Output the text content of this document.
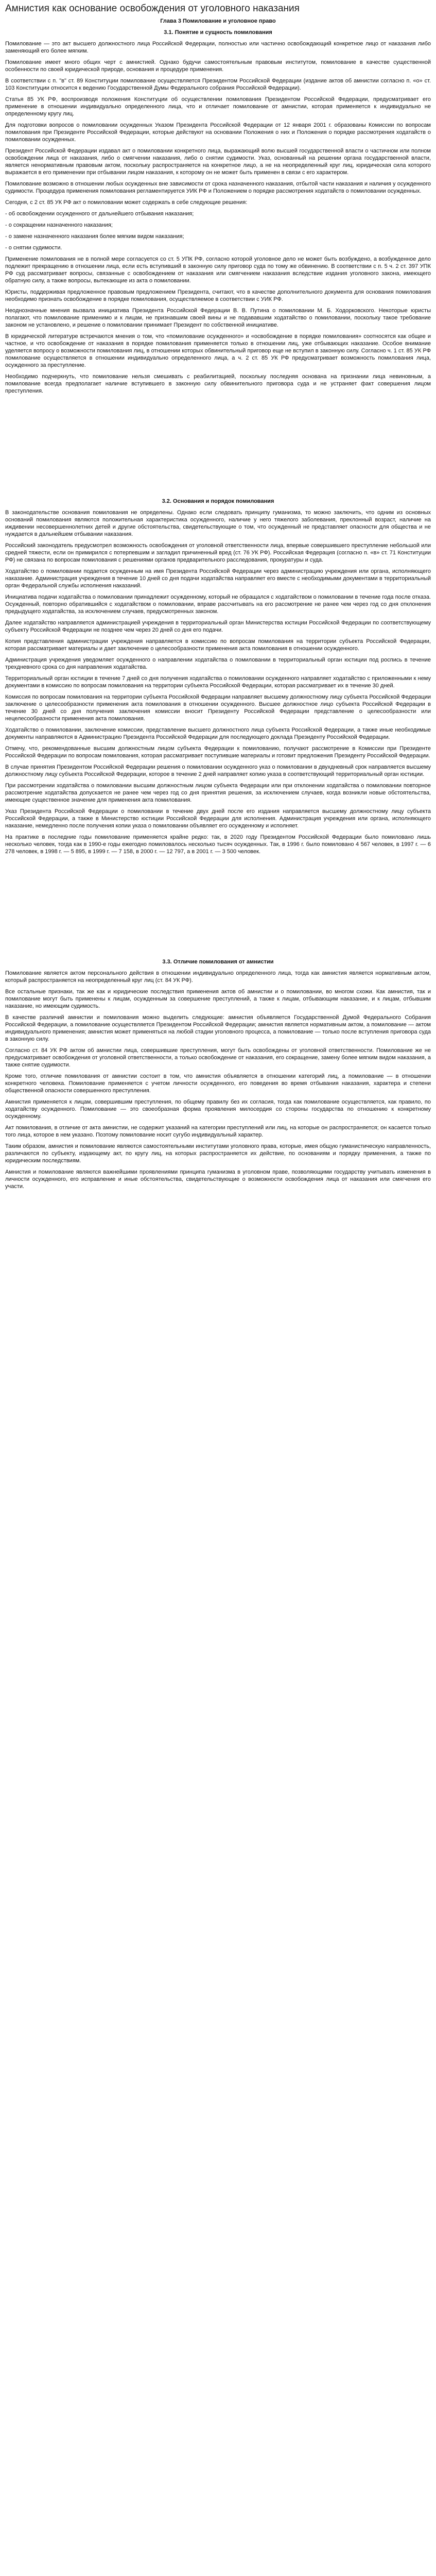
Амнистия как основание освобождения от уголовного наказания
Глава 3 Помилование и уголовное право
3.1. Понятие и сущность помилования

Помилование — это акт высшего должностного лица Российской Федерации, полностью или частично освобождающий конкретное лицо от наказания либо заменяющий его более мягким.

Помилование имеет много общих черт с амнистией. Однако будучи самостоятельным правовым институтом, помилование в качестве существенной особенности по своей юридической природе, основания и процедуре применения.

В соответствии с п. "в" ст. 89 Конституции помилование осуществляется Президентом Российской Федерации (издание актов об амнистии согласно п. «о» ст. 103 Конституции относится к ведению Государственной Думы Федерального собрания Российской Федерации).

Статья 85 УК РФ, воспроизводя положения Конституции об осуществлении помилования Президентом Российской Федерации, предусматривает его применение в отношении индивидуально определенного лица, что и отличает помилование от амнистии, которая применяется к индивидуально не определенному кругу лиц.

Для подготовки вопросов о помиловании осужденных Указом Президента Российской Федерации от 12 января 2001 г. образованы Комиссии по вопросам помилования при Президенте Российской Федерации, которые действуют на основании Положения о них и Положения о порядке рассмотрения ходатайств о помиловании осужденных.

Президент Российской Федерации издавал акт о помиловании конкретного лица, выражающий волю высшей государственной власти о частичном или полном освобождении лица от наказания, либо о смягчении наказания, либо о снятии судимости. Указ, основанный на решении органа государственной власти, является ненормативным правовым актом, поскольку распространяется на конкретное лицо, а не на неопределенный круг лиц, юридическая сила которого выражается в его применении при отбывании лицом наказания, к которому он не может быть применен в связи с его характером.

Помилование возможно в отношении любых осужденных вне зависимости от срока назначенного наказания, отбытой части наказания и наличия у осужденного судимости. Процедура применения помилования регламентируется УИК РФ и Положением о порядке рассмотрения ходатайств о помиловании осужденных.

Сегодня, с 2 ст. 85 УК РФ акт о помиловании может содержать в себе следующие решения:

- об освобождении осужденного от дальнейшего отбывания наказания;
- о сокращении назначенного наказания;
- о замене назначенного наказания более мягким видом наказания;
- о снятии судимости.

Применение помилования не в полной мере согласуется со ст. 5 УПК РФ, согласно которой уголовное дело не может быть возбуждено, а возбужденное дело подлежит прекращению в отношении лица, если есть вступивший в законную силу приговор суда по тому же обвинению. В соответствии с п. 5 ч. 2 ст. 397 УПК РФ суд рассматривает вопросы, связанные с освобождением от наказания или смягчением наказания вследствие издания уголовного закона, имеющего обратную силу, а также вопросы, вытекающие из акта о помиловании.

Юристы, поддерживая предложенное правовым предложением Президента, считают, что в качестве дополнительного документа для основания помилования необходимо признать освобождение в порядке помилования, осуществляемое в соответствии с УИК РФ.

Неоднозначные мнения вызвала инициатива Президента Российской Федерации В. В. Путина о помиловании М. Б. Ходорковского. Некоторые юристы полагают, что помилование применимо и к лицам, не признавшим своей вины и не подававшим ходатайство о помиловании, поскольку такое требование законом не установлено, и решение о помиловании принимает Президент по собственной инициативе.

В юридической литературе встречаются мнения о том, что «помилование осужденного» и «освобождение в порядке помилования» соотносятся как общее и частное, и что освобождение от наказания в порядке помилования применяется только в отношении лиц, уже отбывающих наказание. Особое внимание уделяется вопросу о возможности помилования лиц, в отношении которых обвинительный приговор еще не вступил в законную силу. Согласно ч. 1 ст. 85 УК РФ помилование осуществляется в отношении индивидуально определенного лица, а ч. 2 ст. 85 УК РФ предусматривает возможность помилования лица, осужденного за преступление.

Необходимо подчеркнуть, что помилование нельзя смешивать с реабилитацией, поскольку последняя основана на признании лица невиновным, а помилование всегда предполагает наличие вступившего в законную силу обвинительного приговора суда и не устраняет факт совершения лицом преступления.

3.2. Основания и порядок помилования

В законодательстве основания помилования не определены. Однако если следовать принципу гуманизма, то можно заключить, что одним из основных оснований помилования являются положительная характеристика осужденного, наличие у него тяжелого заболевания, преклонный возраст, наличие на иждивении несовершеннолетних детей и другие обстоятельства, свидетельствующие о том, что осужденный не представляет опасности для общества и не нуждается в дальнейшем отбывании наказания.

Российский законодатель предусмотрел возможность освобождения от уголовной ответственности лица, впервые совершившего преступление небольшой или средней тяжести, если он примирился с потерпевшим и загладил причиненный вред (ст. 76 УК РФ). Российская Федерация (согласно п. «в» ст. 71 Конституции РФ) не связана по вопросам помилования с решениями органов предварительного расследования, прокуратуры и суда.

Ходатайство о помиловании подается осужденным на имя Президента Российской Федерации через администрацию учреждения или органа, исполняющего наказание. Администрация учреждения в течение 10 дней со дня подачи ходатайства направляет его вместе с необходимыми документами в территориальный орган Федеральной службы исполнения наказаний.

Инициатива подачи ходатайства о помиловании принадлежит осужденному, который не обращался с ходатайством о помиловании в течение года после отказа. Осужденный, повторно обратившийся с ходатайством о помиловании, вправе рассчитывать на его рассмотрение не ранее чем через год со дня отклонения предыдущего ходатайства, за исключением случаев, предусмотренных законом.

Далее ходатайство направляется администрацией учреждения в территориальный орган Министерства юстиции Российской Федерации по соответствующему субъекту Российской Федерации не позднее чем через 20 дней со дня его подачи.

Копия представления администрации учреждения направляется в комиссию по вопросам помилования на территории субъекта Российской Федерации, которая рассматривает материалы и дает заключение о целесообразности применения акта помилования в отношении осужденного.

Администрация учреждения уведомляет осужденного о направлении ходатайства о помиловании в территориальный орган юстиции под роспись в течение трехдневного срока со дня направления ходатайства.

Территориальный орган юстиции в течение 7 дней со дня получения ходатайства о помиловании осужденного направляет ходатайство с приложенными к нему документами в комиссию по вопросам помилования на территории субъекта Российской Федерации, которая рассматривает их в течение 30 дней.

Комиссия по вопросам помилования на территории субъекта Российской Федерации направляет высшему должностному лицу субъекта Российской Федерации заключение о целесообразности применения акта помилования в отношении осужденного. Высшее должностное лицо субъекта Российской Федерации в течение 30 дней со дня получения заключения комиссии вносит Президенту Российской Федерации представление о целесообразности или нецелесообразности применения акта помилования.

Ходатайство о помиловании, заключение комиссии, представление высшего должностного лица субъекта Российской Федерации, а также иные необходимые документы направляются в Администрацию Президента Российской Федерации для последующего доклада Президенту Российской Федерации.

Отмечу, что, рекомендованные высшим должностным лицом субъекта Федерации к помилованию, получают рассмотрение в Комиссии при Президенте Российской Федерации по вопросам помилования, которая рассматривает поступившие материалы и готовит предложения Президенту Российской Федерации.

В случае принятия Президентом Российской Федерации решения о помиловании осужденного указ о помиловании в двухдневный срок направляется высшему должностному лицу субъекта Российской Федерации, которое в течение 2 дней направляет копию указа в соответствующий территориальный орган юстиции.

При рассмотрении ходатайства о помиловании высшим должностным лицом субъекта Федерации или при отклонении ходатайства о помиловании повторное рассмотрение ходатайства допускается не ранее чем через год со дня принятия решения, за исключением случаев, когда возникли новые обстоятельства, имеющие существенное значение для применения акта помилования.

Указ Президента Российской Федерации о помиловании в течение двух дней после его издания направляется высшему должностному лицу субъекта Российской Федерации, а также в Министерство юстиции Российской Федерации для исполнения. Администрация учреждения или органа, исполняющего наказание, немедленно после получения копии указа о помиловании объявляет его осужденному и исполняет.

На практике в последние годы помилование применяется крайне редко: так, в 2020 году Президентом Российской Федерации было помиловано лишь несколько человек, тогда как в 1990-е годы ежегодно помиловалось несколько тысяч осужденных. Так, в 1996 г. было помиловано 4 567 человек, в 1997 г. — 6 278 человек, в 1998 г. — 5 895, в 1999 г. — 7 158, в 2000 г. — 12 797, а в 2001 г. — 3 500 человек.

3.3. Отличие помилования от амнистии

Помилование является актом персонального действия в отношении индивидуально определенного лица, тогда как амнистия является нормативным актом, который распространяется на неопределенный круг лиц (ст. 84 УК РФ).

Все остальные признаки, так же как и юридические последствия применения актов об амнистии и о помиловании, во многом схожи. Как амнистия, так и помилование могут быть применены к лицам, осужденным за совершение преступлений, а также к лицам, отбывающим наказание, и к лицам, отбывшим наказание, но имеющим судимость.

В качестве различий амнистии и помилования можно выделить следующие: амнистия объявляется Государственной Думой Федерального Собрания Российской Федерации, а помилование осуществляется Президентом Российской Федерации; амнистия является нормативным актом, а помилование — актом индивидуального применения; амнистия может применяться на любой стадии уголовного процесса, а помилование — только после вступления приговора суда в законную силу.

Согласно ст. 84 УК РФ актом об амнистии лица, совершившие преступления, могут быть освобождены от уголовной ответственности. Помилование же не предусматривает освобождения от уголовной ответственности, а только освобождение от наказания, его сокращение, замену более мягким видом наказания, а также снятие судимости.

Кроме того, отличие помилования от амнистии состоит в том, что амнистия объявляется в отношении категорий лиц, а помилование — в отношении конкретного человека. Помилование применяется с учетом личности осужденного, его поведения во время отбывания наказания, характера и степени общественной опасности совершенного преступления.

Амнистия применяется к лицам, совершившим преступления, по общему правилу без их согласия, тогда как помилование осуществляется, как правило, по ходатайству осужденного. Помилование — это своеобразная форма проявления милосердия со стороны государства по отношению к конкретному осужденному.

Акт помилования, в отличие от акта амнистии, не содержит указаний на категории преступлений или лиц, на которые он распространяется; он касается только того лица, которое в нем указано. Поэтому помилование носит сугубо индивидуальный характер.

Таким образом, амнистия и помилование являются самостоятельными институтами уголовного права, которые, имея общую гуманистическую направленность, различаются по субъекту, издающему акт, по кругу лиц, на которых распространяется их действие, по основаниям и порядку применения, а также по юридическим последствиям.

Амнистия и помилование являются важнейшими проявлениями принципа гуманизма в уголовном праве, позволяющими государству учитывать изменения в личности осужденного, его исправление и иные обстоятельства, свидетельствующие о возможности освобождения лица от наказания или смягчения его участи.
